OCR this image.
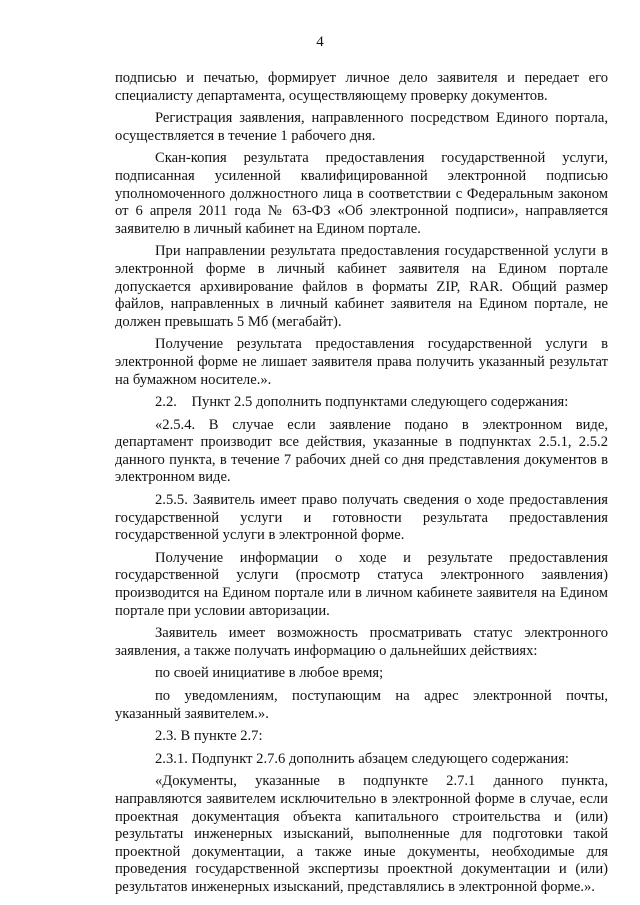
4

подписью и печатью, формирует личное дело заявителя и передает его специалисту департамента, осуществляющему проверку документов.

Регистрация заявления, направленного посредством Единого портала, осуществляется в течение 1 рабочего дня.

Скан-копия результата предоставления государственной услуги, подписанная усиленной квалифицированной электронной подписью уполномоченного должностного лица в соответствии с Федеральным законом от 6 апреля 2011 года № 63-ФЗ «Об электронной подписи», направляется заявителю в личный кабинет на Едином портале.

При направлении результата предоставления государственной услуги в электронной форме в личный кабинет заявителя на Едином портале допускается архивирование файлов в форматы ZIP, RAR. Общий размер файлов, направленных в личный кабинет заявителя на Едином портале, не должен превышать 5 Мб (мегабайт).

Получение результата предоставления государственной услуги в электронной форме не лишает заявителя права получить указанный результат на бумажном носителе.».

2.2. Пункт 2.5 дополнить подпунктами следующего содержания:

«2.5.4. В случае если заявление подано в электронном виде, департамент производит все действия, указанные в подпунктах 2.5.1, 2.5.2 данного пункта, в течение 7 рабочих дней со дня представления документов в электронном виде.

2.5.5. Заявитель имеет право получать сведения о ходе предоставления государственной услуги и готовности результата предоставления государственной услуги в электронной форме.

Получение информации о ходе и результате предоставления государственной услуги (просмотр статуса электронного заявления) производится на Едином портале или в личном кабинете заявителя на Едином портале при условии авторизации.

Заявитель имеет возможность просматривать статус электронного заявления, а также получать информацию о дальнейших действиях:

по своей инициативе в любое время;

по уведомлениям, поступающим на адрес электронной почты, указанный заявителем.».

2.3. В пункте 2.7:

2.3.1. Подпункт 2.7.6 дополнить абзацем следующего содержания:

«Документы, указанные в подпункте 2.7.1 данного пункта, направляются заявителем исключительно в электронной форме в случае, если проектная документация объекта капитального строительства и (или) результаты инженерных изысканий, выполненные для подготовки такой проектной документации, а также иные документы, необходимые для проведения государственной экспертизы проектной документации и (или) результатов инженерных изысканий, представлялись в электронной форме.».
